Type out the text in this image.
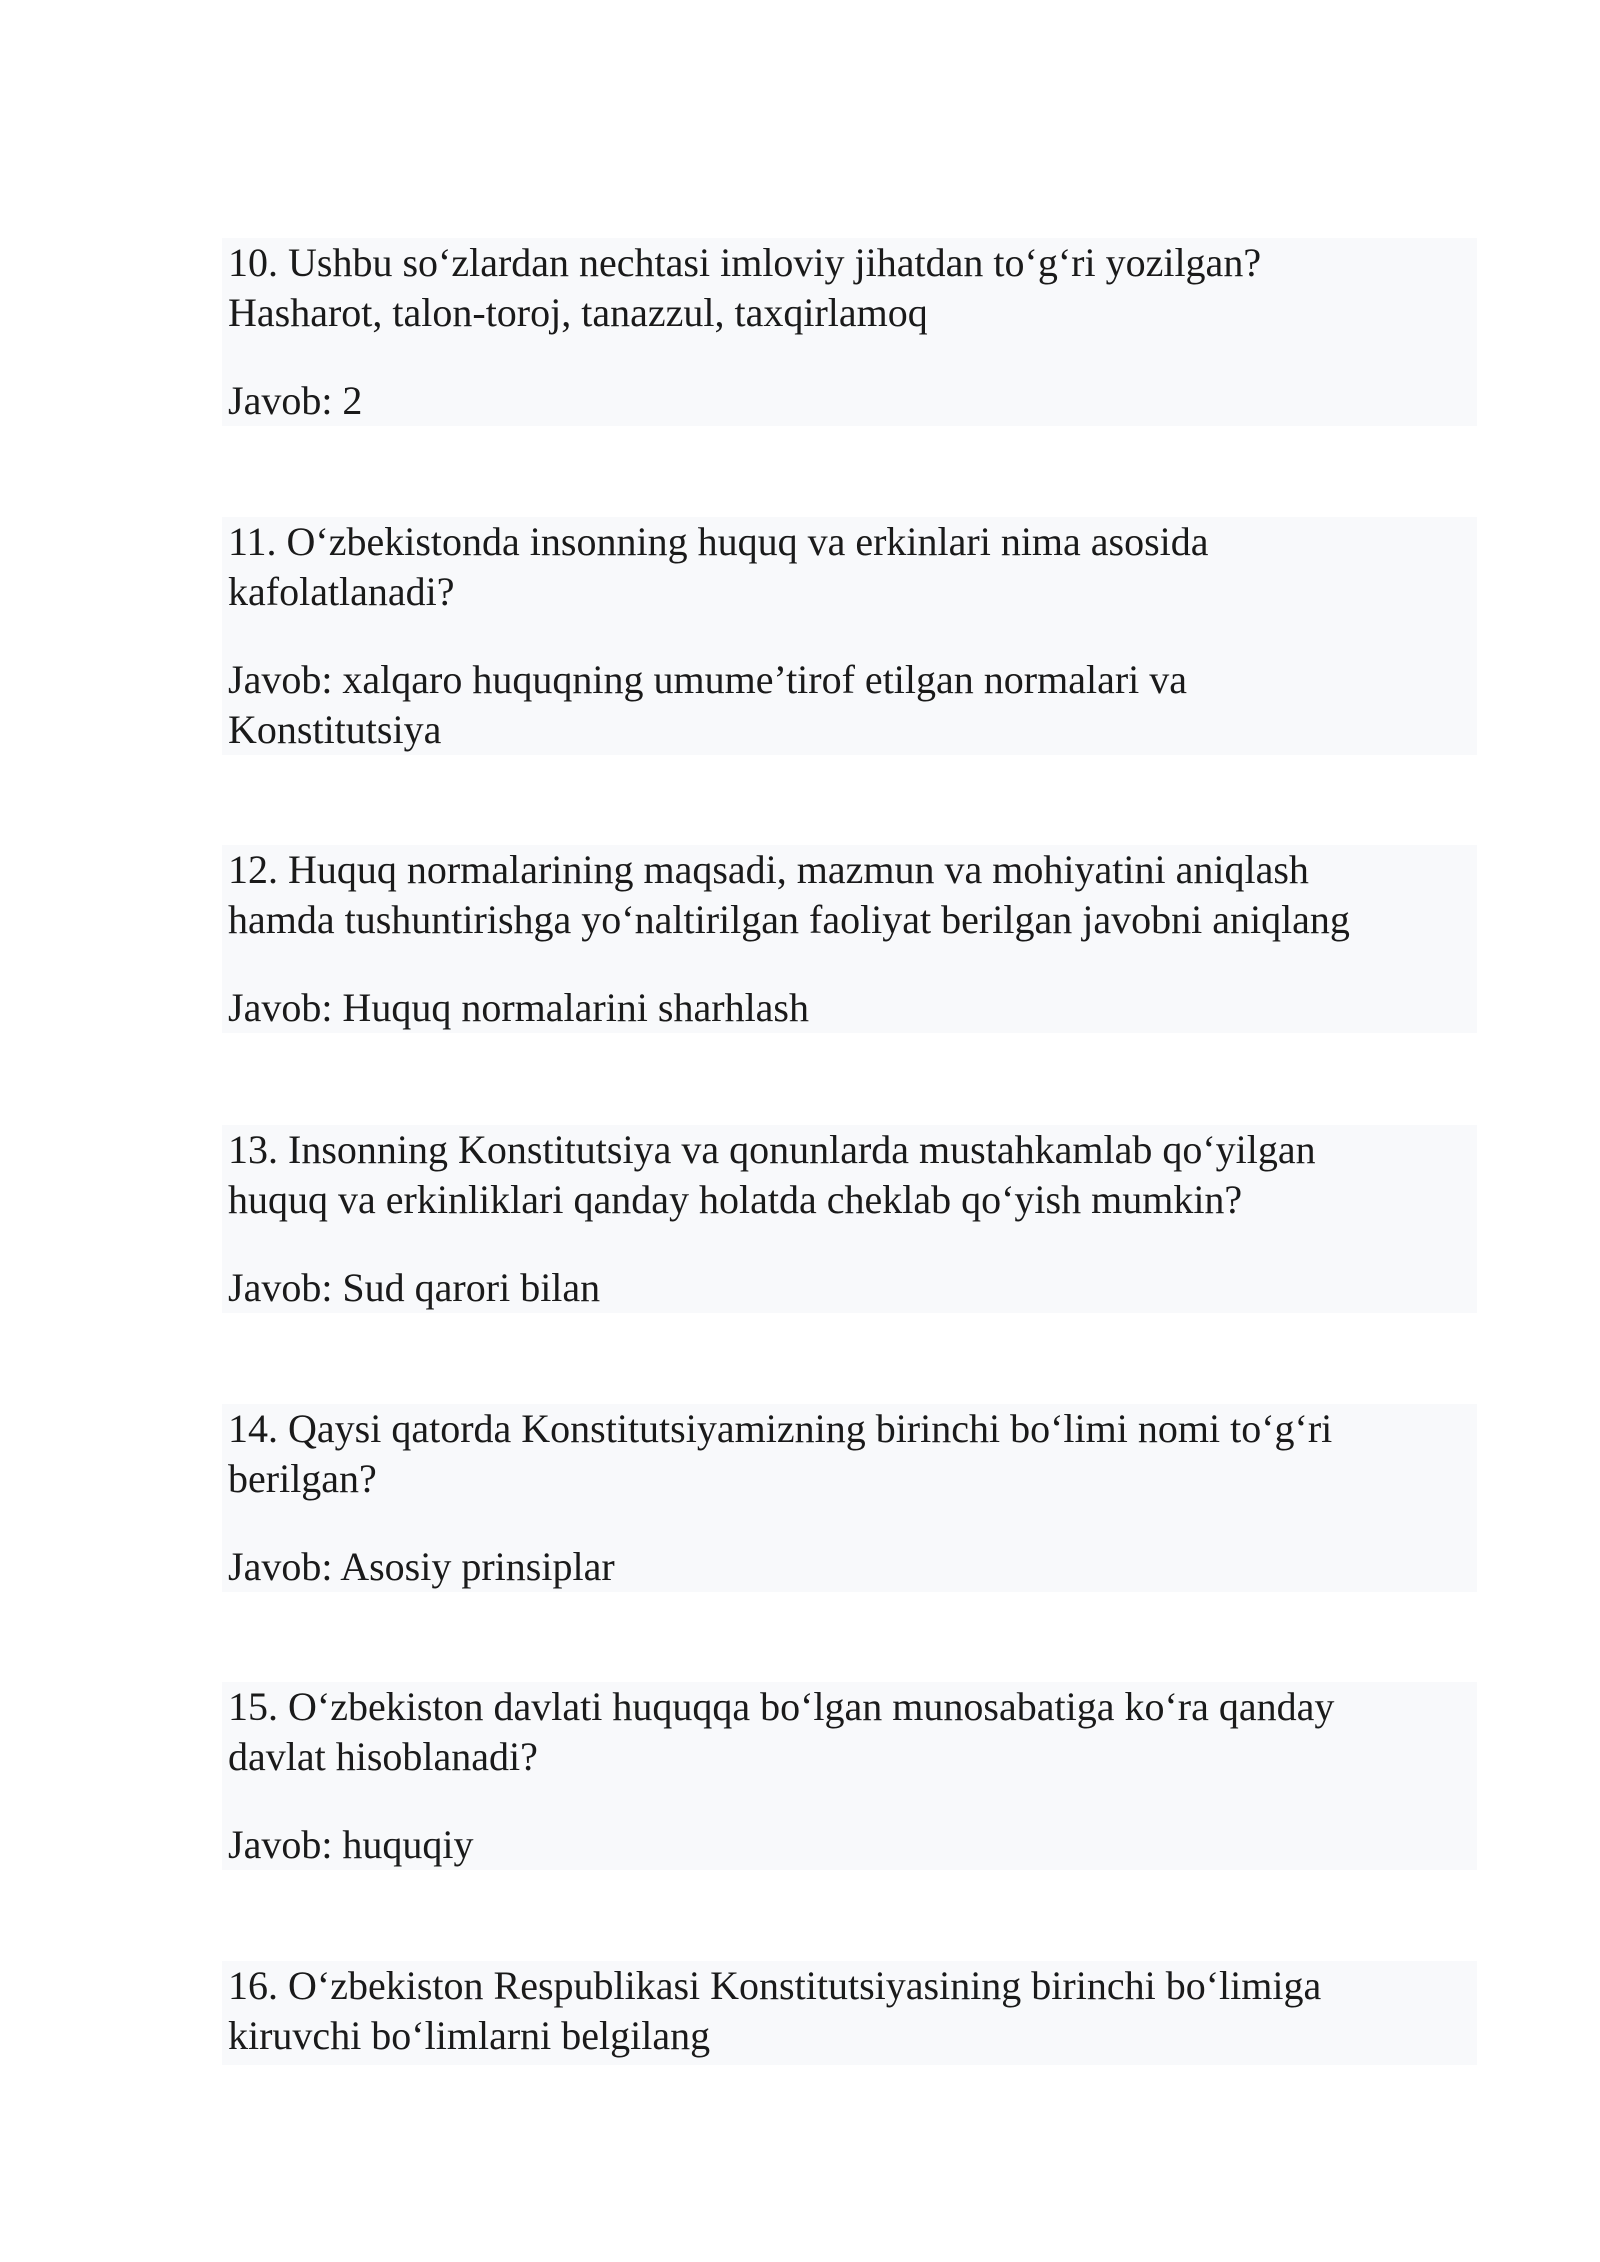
10. Ushbu so‘zlardan nechtasi imloviy jihatdan to‘g‘ri yozilgan?
Hasharot, talon-toroj, tanazzul, taxqirlamoq

Javob: 2

11. O‘zbekistonda insonning huquq va erkinlari nima asosida
kafolatlanadi?

Javob: xalqaro huquqning umume’tirof etilgan normalari va
Konstitutsiya

12. Huquq normalarining maqsadi, mazmun va mohiyatini aniqlash
hamda tushuntirishga yo‘naltirilgan faoliyat berilgan javobni aniqlang

Javob: Huquq normalarini sharhlash

13. Insonning Konstitutsiya va qonunlarda mustahkamlab qo‘yilgan
huquq va erkinliklari qanday holatda cheklab qo‘yish mumkin?

Javob: Sud qarori bilan

14. Qaysi qatorda Konstitutsiyamizning birinchi bo‘limi nomi to‘g‘ri
berilgan?

Javob: Asosiy prinsiplar

15. O‘zbekiston davlati huquqqa bo‘lgan munosabatiga ko‘ra qanday
davlat hisoblanadi?

Javob: huquqiy

16. O‘zbekiston Respublikasi Konstitutsiyasining birinchi bo‘limiga
kiruvchi bo‘limlarni belgilang
